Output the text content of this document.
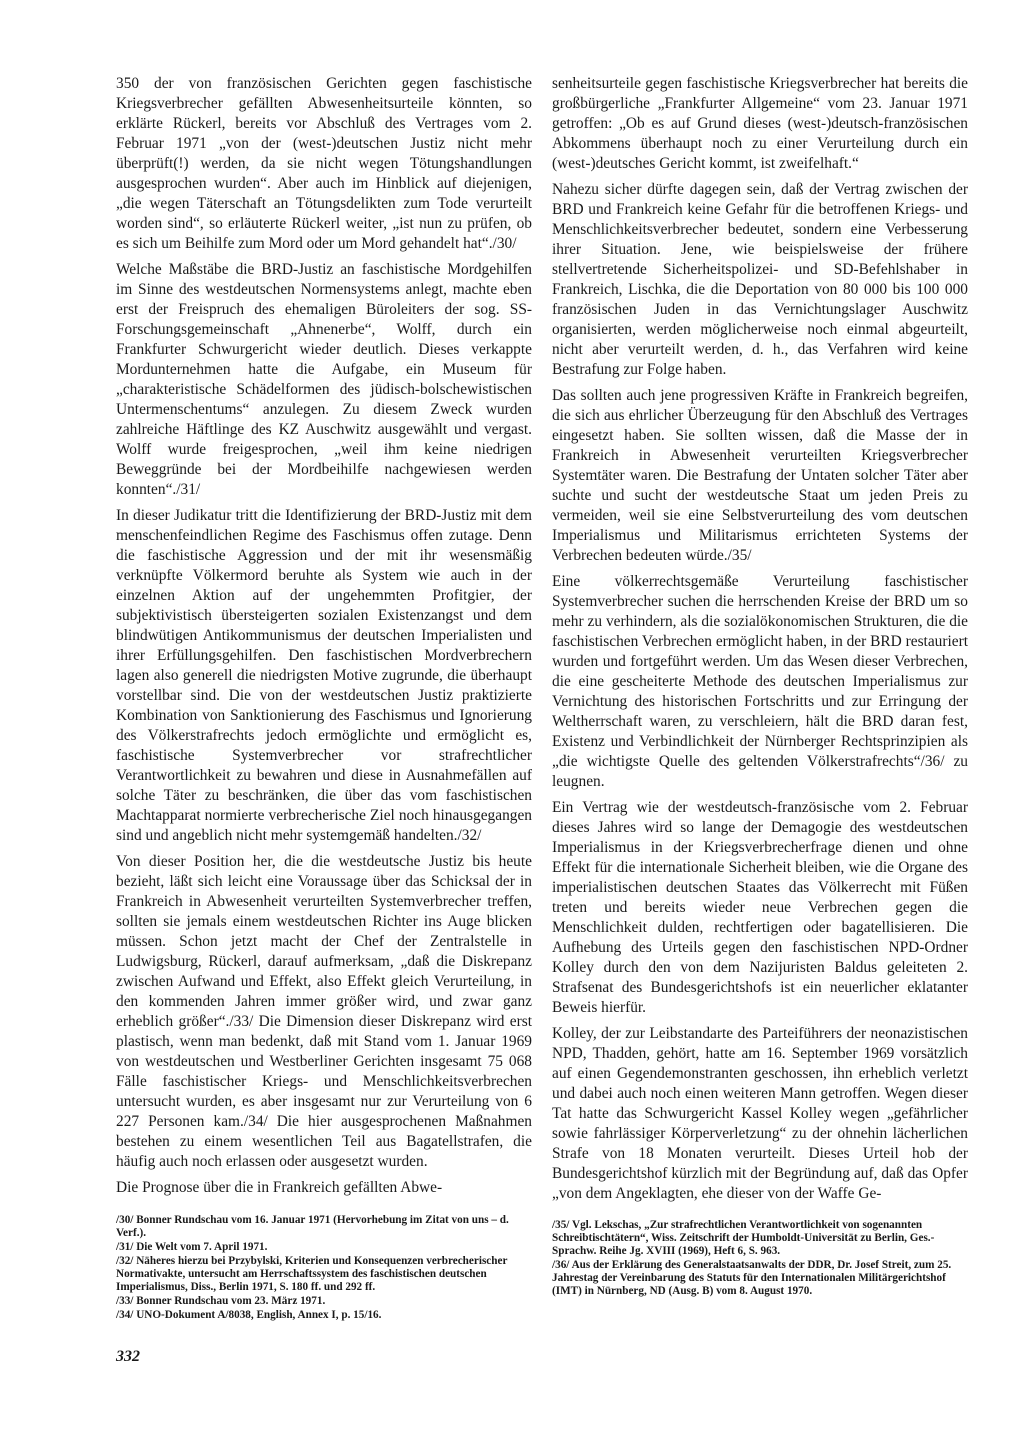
350 der von französischen Gerichten gegen faschistische Kriegsverbrecher gefällten Abwesenheitsurteile könnten, so erklärte Rückerl, bereits vor Abschluß des Vertrages vom 2. Februar 1971 „von der (west-)deutschen Justiz nicht mehr überprüft(!) werden, da sie nicht wegen Tötungshandlungen ausgesprochen wurden“. Aber auch im Hinblick auf diejenigen, „die wegen Täterschaft an Tötungsdelikten zum Tode verurteilt worden sind“, so erläuterte Rückerl weiter, „ist nun zu prüfen, ob es sich um Beihilfe zum Mord oder um Mord gehandelt hat“./30/

Welche Maßstäbe die BRD-Justiz an faschistische Mordgehilfen im Sinne des westdeutschen Normensystems anlegt, machte eben erst der Freispruch des ehemaligen Büroleiters der sog. SS-Forschungsgemeinschaft „Ahnenerbe“, Wolff, durch ein Frankfurter Schwurgericht wieder deutlich. Dieses verkappte Mordunternehmen hatte die Aufgabe, ein Museum für „charakteristische Schädelformen des jüdisch-bolschewistischen Untermenschentums“ anzulegen. Zu diesem Zweck wurden zahlreiche Häftlinge des KZ Auschwitz ausgewählt und vergast. Wolff wurde freigesprochen, „weil ihm keine niedrigen Beweggründe bei der Mordbeihilfe nachgewiesen werden konnten“./31/

In dieser Judikatur tritt die Identifizierung der BRD-Justiz mit dem menschenfeindlichen Regime des Faschismus offen zutage. Denn die faschistische Aggression und der mit ihr wesensmäßig verknüpfte Völkermord beruhte als System wie auch in der einzelnen Aktion auf der ungehemmten Profitgier, der subjektivistisch übersteigerten sozialen Existenzangst und dem blindwütigen Antikommunismus der deutschen Imperialisten und ihrer Erfüllungsgehilfen. Den faschistischen Mordverbrechern lagen also generell die niedrigsten Motive zugrunde, die überhaupt vorstellbar sind. Die von der westdeutschen Justiz praktizierte Kombination von Sanktionierung des Faschismus und Ignorierung des Völkerstrafrechts jedoch ermöglichte und ermöglicht es, faschistische Systemverbrecher vor strafrechtlicher Verantwortlichkeit zu bewahren und diese in Ausnahmefällen auf solche Täter zu beschränken, die über das vom faschistischen Machtapparat normierte verbrecherische Ziel noch hinausgegangen sind und angeblich nicht mehr systemgemäß handelten./32/

Von dieser Position her, die die westdeutsche Justiz bis heute bezieht, läßt sich leicht eine Voraussage über das Schicksal der in Frankreich in Abwesenheit verurteilten Systemverbrecher treffen, sollten sie jemals einem westdeutschen Richter ins Auge blicken müssen. Schon jetzt macht der Chef der Zentralstelle in Ludwigsburg, Rückerl, darauf aufmerksam, „daß die Diskrepanz zwischen Aufwand und Effekt, also Effekt gleich Verurteilung, in den kommenden Jahren immer größer wird, und zwar ganz erheblich größer“./33/ Die Dimension dieser Diskrepanz wird erst plastisch, wenn man bedenkt, daß mit Stand vom 1. Januar 1969 von westdeutschen und Westberliner Gerichten insgesamt 75 068 Fälle faschistischer Kriegs- und Menschlichkeitsverbrechen untersucht wurden, es aber insgesamt nur zur Verurteilung von 6 227 Personen kam./34/ Die hier ausgesprochenen Maßnahmen bestehen zu einem wesentlichen Teil aus Bagatellstrafen, die häufig auch noch erlassen oder ausgesetzt wurden.

Die Prognose über die in Frankreich gefällten Abwe-

senheitsurteile gegen faschistische Kriegsverbrecher hat bereits die großbürgerliche „Frankfurter Allgemeine“ vom 23. Januar 1971 getroffen: „Ob es auf Grund dieses (west-)deutsch-französischen Abkommens überhaupt noch zu einer Verurteilung durch ein (west-)deutsches Gericht kommt, ist zweifelhaft.“

Nahezu sicher dürfte dagegen sein, daß der Vertrag zwischen der BRD und Frankreich keine Gefahr für die betroffenen Kriegs- und Menschlichkeitsverbrecher bedeutet, sondern eine Verbesserung ihrer Situation. Jene, wie beispielsweise der frühere stellvertretende Sicherheitspolizei- und SD-Befehlshaber in Frankreich, Lischka, die die Deportation von 80 000 bis 100 000 französischen Juden in das Vernichtungslager Auschwitz organisierten, werden möglicherweise noch einmal abgeurteilt, nicht aber verurteilt werden, d. h., das Verfahren wird keine Bestrafung zur Folge haben.

Das sollten auch jene progressiven Kräfte in Frankreich begreifen, die sich aus ehrlicher Überzeugung für den Abschluß des Vertrages eingesetzt haben. Sie sollten wissen, daß die Masse der in Frankreich in Abwesenheit verurteilten Kriegsverbrecher Systemtäter waren. Die Bestrafung der Untaten solcher Täter aber suchte und sucht der westdeutsche Staat um jeden Preis zu vermeiden, weil sie eine Selbstverurteilung des vom deutschen Imperialismus und Militarismus errichteten Systems der Verbrechen bedeuten würde./35/

Eine völkerrechtsgemäße Verurteilung faschistischer Systemverbrecher suchen die herrschenden Kreise der BRD um so mehr zu verhindern, als die sozialökonomischen Strukturen, die die faschistischen Verbrechen ermöglicht haben, in der BRD restauriert wurden und fortgeführt werden. Um das Wesen dieser Verbrechen, die eine gescheiterte Methode des deutschen Imperialismus zur Vernichtung des historischen Fortschritts und zur Erringung der Weltherrschaft waren, zu verschleiern, hält die BRD daran fest, Existenz und Verbindlichkeit der Nürnberger Rechtsprinzipien als „die wichtigste Quelle des geltenden Völkerstrafrechts“/36/ zu leugnen.

Ein Vertrag wie der westdeutsch-französische vom 2. Februar dieses Jahres wird so lange der Demagogie des westdeutschen Imperialismus in der Kriegsverbrecherfrage dienen und ohne Effekt für die internationale Sicherheit bleiben, wie die Organe des imperialistischen deutschen Staates das Völkerrecht mit Füßen treten und bereits wieder neue Verbrechen gegen die Menschlichkeit dulden, rechtfertigen oder bagatellisieren. Die Aufhebung des Urteils gegen den faschistischen NPD-Ordner Kolley durch den von dem Nazijuristen Baldus geleiteten 2. Strafsenat des Bundesgerichtshofs ist ein neuerlicher eklatanter Beweis hierfür.

Kolley, der zur Leibstandarte des Parteiführers der neonazistischen NPD, Thadden, gehört, hatte am 16. September 1969 vorsätzlich auf einen Gegendemonstranten geschossen, ihn erheblich verletzt und dabei auch noch einen weiteren Mann getroffen. Wegen dieser Tat hatte das Schwurgericht Kassel Kolley wegen „gefährlicher sowie fahrlässiger Körperverletzung“ zu der ohnehin lächerlichen Strafe von 18 Monaten verurteilt. Dieses Urteil hob der Bundesgerichtshof kürzlich mit der Begründung auf, daß das Opfer „von dem Angeklagten, ehe dieser von der Waffe Ge-

/30/ Bonner Rundschau vom 16. Januar 1971 (Hervorhebung im Zitat von uns – d. Verf.).

/31/ Die Welt vom 7. April 1971.

/32/ Näheres hierzu bei Przybylski, Kriterien und Konsequenzen verbrecherischer Normativakte, untersucht am Herrschaftssystem des faschistischen deutschen Imperialismus, Diss., Berlin 1971, S. 180 ff. und 292 ff.

/33/ Bonner Rundschau vom 23. März 1971.

/34/ UNO-Dokument A/8038, English, Annex I, p. 15/16.

/35/ Vgl. Lekschas, „Zur strafrechtlichen Verantwortlichkeit von sogenannten Schreibtischtätern“, Wiss. Zeitschrift der Humboldt-Universität zu Berlin, Ges.-Sprachw. Reihe Jg. XVIII (1969), Heft 6, S. 963.

/36/ Aus der Erklärung des Generalstaatsanwalts der DDR, Dr. Josef Streit, zum 25. Jahrestag der Vereinbarung des Statuts für den Internationalen Militärgerichtshof (IMT) in Nürnberg, ND (Ausg. B) vom 8. August 1970.

332
